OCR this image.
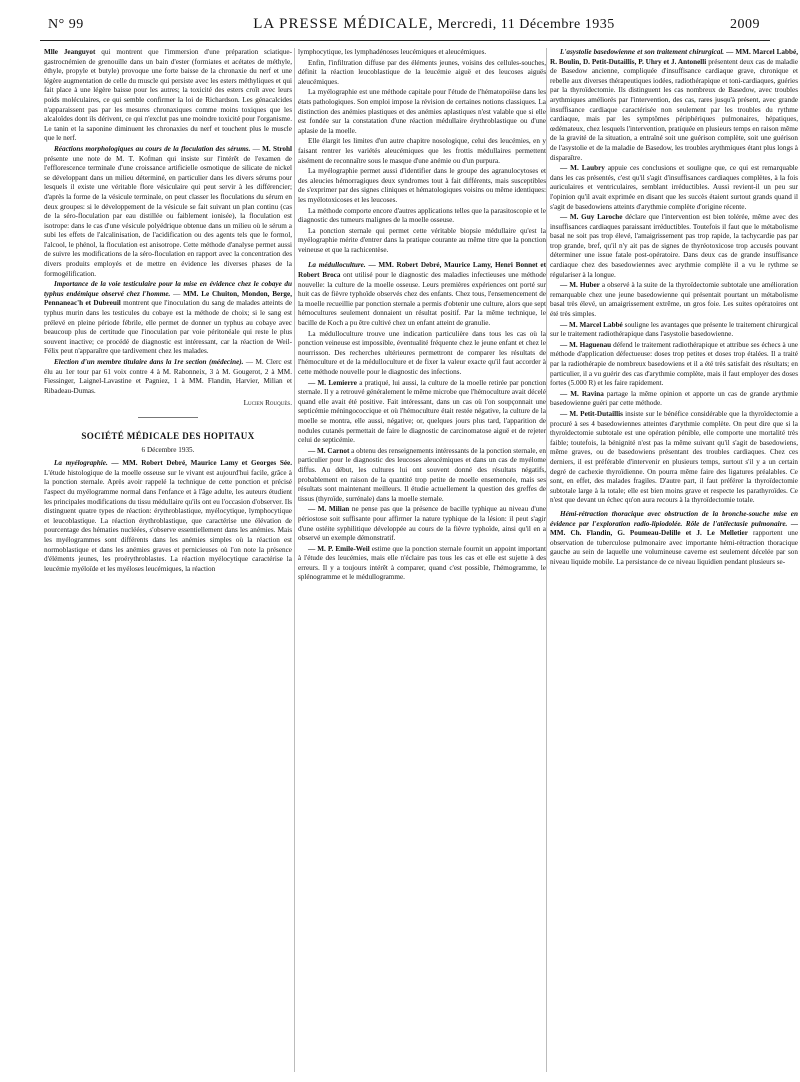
N° 99	LA PRESSE MÉDICALE, Mercredi, 11 Décembre 1935	2009

Mlle Jeanguyot qui montrent que l'immersion d'une préparation sciatique-gastrocnémien de grenouille dans un bain d'ester (formiates et acétates de méthyle, éthyle, propyle et butyle) provoque une forte baisse de la chronaxie du nerf et une légère augmentation de celle du muscle qui persiste avec les esters méthyliques et qui fait place à une légère baisse pour les autres; la toxicité des esters croît avec leurs poids moléculaires, ce qui semble confirmer la loi de Richardson. Les génacalcides n'apparaissent pas par les mesures chronaxiques comme moins toxiques que les alcaloïdes dont ils dérivent, ce qui n'exclut pas une moindre toxicité pour l'organisme. Le tanin et la saponine diminuent les chronaxies du nerf et touchent plus le muscle que le nerf.

Réactions morphologiques au cours de la floculation des sérums. — M. Strohl présente une note de M. T. Kofman qui insiste sur l'intérêt de l'examen de l'efflorescence terminale d'une croissance artificielle osmotique de silicate de nickel se développant dans un milieu déterminé, en particulier dans les divers sérums pour lesquels il existe une véritable flore vésiculaire qui peut servir à les différencier; d'après la forme de la vésicule terminale, on peut classer les floculations du sérum en deux groupes: si le développement de la vésicule se fait suivant un plan continu (cas de la séro-floculation par eau distillée ou faiblement ionisée), la floculation est isotrope: dans le cas d'une vésicule polyédrique obtenue dans un milieu où le sérum a subi les effets de l'alcalinisation, de l'acidification ou des agents tels que le formol, l'alcool, le phénol, la floculation est anisotrope. Cette méthode d'analyse permet aussi de suivre les modifications de la séro-floculation en rapport avec la concentration des divers produits employés et de mettre en évidence les diverses phases de la formogélification.

Importance de la voie testiculaire pour la mise en évidence chez le cobaye du typhus endémique observé chez l'homme. — MM. Le Chuiton, Mondon, Berge, Pennaneac'h et Dubreuil montrent que l'inoculation du sang de malades atteints de typhus murin dans les testicules du cobaye est la méthode de choix; si le sang est prélevé en pleine période fébrile, elle permet de donner un typhus au cobaye avec beaucoup plus de certitude que l'inoculation par voie péritonéale qui reste le plus souvent inactive; ce procédé de diagnostic est intéressant, car la réaction de Weil-Félix peut n'apparaître que tardivement chez les malades.

Election d'un membre titulaire dans la 1re section (médecine). — M. Clerc est élu au 1er tour par 61 voix contre 4 à M. Rabonneix, 3 à M. Gougerot, 2 à MM. Fiessinger, Laignel-Lavastine et Pagniez, 1 à MM. Flandin, Harvier, Milian et Ribadeau-Dumas.

Lucien Rouquès.

SOCIÉTÉ MÉDICALE DES HOPITAUX

6 Décembre 1935.

La myélographie. — MM. Robert Debré, Maurice Lamy et Georges Sée. L'étude histologique de la moelle osseuse sur le vivant est aujourd'hui facile, grâce à la ponction sternale. Après avoir rappelé la technique de cette ponction et précisé l'aspect du myélogramme normal dans l'enfance et à l'âge adulte, les auteurs étudient les principales modifications du tissu médullaire qu'ils ont eu l'occasion d'observer. Ils distinguent quatre types de réaction: érythroblastique, myélocytique, lymphocytique et leucoblastique. La réaction érythroblastique, que caractérise une élévation de pourcentage des hématies nucléées, s'observe essentiellement dans les anémies. Mais les myélogrammes sont différents dans les anémies simples où la réaction est normoblastique et dans les anémies graves et pernicieuses où l'on note la présence d'éléments jeunes, les proérythroblastes. La réaction myélocytique caractérise la leucémie myéloïde et les myéloses leucémiques, la réaction

lymphocytique, les lymphadénoses leucémiques et aleucémiques.

Enfin, l'infiltration diffuse par des éléments jeunes, voisins des cellules-souches, définit la réaction leucoblastique de la leucémie aiguë et des leucoses aiguës aleucémiques.

La myélographie est une méthode capitale pour l'étude de l'hématopoïèse dans les états pathologiques. Son emploi impose la révision de certaines notions classiques. La distinction des anémies plastiques et des anémies aplastiques n'est valable que si elle est fondée sur la constatation d'une réaction médullaire érythroblastique ou d'une aplasie de la moelle.

Elle élargit les limites d'un autre chapitre nosologique, celui des leucémies, en y faisant rentrer les variétés aleucémiques que les frottis médullaires permettent aisément de reconnaître sous le masque d'une anémie ou d'un purpura.

La myélographie permet aussi d'identifier dans le groupe des agranulocytoses et des aleucies hémorragiques deux syndromes tout à fait différents, mais susceptibles de s'exprimer par des signes cliniques et hématologiques voisins ou même identiques: les myélotoxicoses et les leucoses.

La méthode comporte encore d'autres applications telles que la parasitoscopie et le diagnostic des tumeurs malignes de la moelle osseuse.

La ponction sternale qui permet cette véritable biopsie médullaire qu'est la myélographie mérite d'entrer dans la pratique courante au même titre que la ponction veineuse et que la rachicentèse.

La médulloculture. — MM. Robert Debré, Maurice Lamy, Henri Bonnet et Robert Broca ont utilisé pour le diagnostic des maladies infectieuses une méthode nouvelle: la culture de la moelle osseuse. Leurs premières expériences ont porté sur huit cas de fièvre typhoïde observés chez des enfants. Chez tous, l'ensemencement de la moelle recueillie par ponction sternale a permis d'obtenir une culture, alors que sept hémocultures seulement donnaient un résultat positif. Par la même technique, le bacille de Koch a pu être cultivé chez un enfant atteint de granulie.

La médulloculture trouve une indication particulière dans tous les cas où la ponction veineuse est impossible, éventualité fréquente chez le jeune enfant et chez le nourrisson. Des recherches ultérieures permettront de comparer les résultats de l'hémoculture et de la médulloculture et de fixer la valeur exacte qu'il faut accorder à cette méthode nouvelle pour le diagnostic des infections.

— M. Lemierre a pratiqué, lui aussi, la culture de la moelle retirée par ponction sternale. Il y a retrouvé généralement le même microbe que l'hémoculture avait décelé quand elle avait été positive. Fait intéressant, dans un cas où l'on soupçonnait une septicémie méningococcique et où l'hémoculture était restée négative, la culture de la moelle se montra, elle aussi, négative; or, quelques jours plus tard, l'apparition de nodules cutanés permettait de faire le diagnostic de carcinomatose aiguë et de rejeter celui de septicémie.

— M. Carnot a obtenu des renseignements intéressants de la ponction sternale, en particulier pour le diagnostic des leucoses aleucémiques et dans un cas de myélome diffus. Au début, les cultures lui ont souvent donné des résultats négatifs, probablement en raison de la quantité trop petite de moelle ensemencée, mais ses résultats sont maintenant meilleurs. Il étudie actuellement la question des greffes de tissus (thyroïde, surrénale) dans la moelle sternale.

— M. Milian ne pense pas que la présence de bacille typhique au niveau d'une périostose soit suffisante pour affirmer la nature typhique de la lésion: il peut s'agir d'une ostéite syphilitique développée au cours de la fièvre typhoïde, ainsi qu'il en a observé un exemple démonstratif.

— M. P. Emile-Weil estime que la ponction sternale fournit un appoint important à l'étude des leucémies, mais elle n'éclaire pas tous les cas et elle est sujette à des erreurs. Il y a toujours intérêt à comparer, quand c'est possible, l'hémogramme, le splénogramme et le médullogramme.

L'asystolie basedowienne et son traitement chirurgical. — MM. Marcel Labbé, R. Boulin, D. Petit-Dutaillis, P. Uhry et J. Antonelli présentent deux cas de maladie de Basedow ancienne, compliquée d'insuffisance cardiaque grave, chronique et rebelle aux diverses thérapeutiques iodées, radiothérapique et toni-cardiaques, guéries par la thyroïdectomie. Ils distinguent les cas nombreux de Basedow, avec troubles arythmiques améliorés par l'intervention, des cas, rares jusqu'à présent, avec grande insuffisance cardiaque caractérisée non seulement par les troubles du rythme cardiaque, mais par les symptômes périphériques pulmonaires, hépatiques, œdémateux, chez lesquels l'intervention, pratiquée en plusieurs temps en raison même de la gravité de la situation, a entraîné soit une guérison complète, soit une guérison de l'asystolie et de la maladie de Basedow, les troubles arythmiques étant plus longs à disparaître.

— M. Laubry appuie ces conclusions et souligne que, ce qui est remarquable dans les cas présentés, c'est qu'il s'agit d'insuffisances cardiaques complètes, à la fois auriculaires et ventriculaires, semblant irréductibles. Aussi revient-il un peu sur l'opinion qu'il avait exprimée en disant que les succès étaient surtout grands quand il s'agit de basedowiens atteints d'arythmie complète d'origine récente.

— M. Guy Laroche déclare que l'intervention est bien tolérée, même avec des insuffisances cardiaques paraissant irréductibles. Toutefois il faut que le métabolisme basal ne soit pas trop élevé, l'amaigrissement pas trop rapide, la tachycardie pas par trop grande, bref, qu'il n'y ait pas de signes de thyréotoxicose trop accusés pouvant déterminer une issue fatale post-opératoire. Dans deux cas de grande insuffisance cardiaque chez des basedowiennes avec arythmie complète il a vu le rythme se régulariser à la longue.

— M. Huber a observé à la suite de la thyroïdectomie subtotale une amélioration remarquable chez une jeune basedowienne qui présentait pourtant un métabolisme basal très élevé, un amaigrissement extrême, un gros foie. Les suites opératoires ont été très simples.

— M. Marcel Labbé souligne les avantages que présente le traitement chirurgical sur le traitement radiothérapique dans l'asystolie basedowienne.

— M. Haguenau défend le traitement radiothérapique et attribue ses échecs à une méthode d'application défectueuse: doses trop petites et doses trop étalées. Il a traité par la radiothérapie de nombreux basedowiens et il a été très satisfait des résultats; en particulier, il a vu guérir des cas d'arythmie complète, mais il faut employer des doses fortes (5.000 R) et les faire rapidement.

— M. Ravina partage la même opinion et apporte un cas de grande arythmie basedowienne guéri par cette méthode.

— M. Petit-Dutaillis insiste sur le bénéfice considérable que la thyroïdectomie a procuré à ses 4 basedowiennes atteintes d'arythmie complète. On peut dire que si la thyroïdectomie subtotale est une opération pénible, elle comporte une mortalité très faible; toutefois, la bénignité n'est pas la même suivant qu'il s'agit de basedowiens, même graves, ou de basedowiens présentant des troubles cardiaques. Chez ces derniers, il est préférable d'intervenir en plusieurs temps, surtout s'il y a un certain degré de cachexie thyroïdienne. On pourra même faire des ligatures préalables. Ce sont, en effet, des malades fragiles. D'autre part, il faut préférer la thyroïdectomie subtotale large à la totale; elle est bien moins grave et respecte les parathyroïdes. Ce n'est que devant un échec qu'on aura recours à la thyroïdectomie totale.

Hémi-rétraction thoracique avec obstruction de la bronche-souche mise en évidence par l'exploration radio-lipiodolée. Rôle de l'atélectasie pulmonaire. — MM. Ch. Flandin, G. Poumeau-Delille et J. Le Melletier rapportent une observation de tuberculose pulmonaire avec importante hémi-rétraction thoracique gauche au sein de laquelle une volumineuse caverne est seulement décelée par son niveau liquide mobile. La persistance de ce niveau liquidien pendant plusieurs se-
